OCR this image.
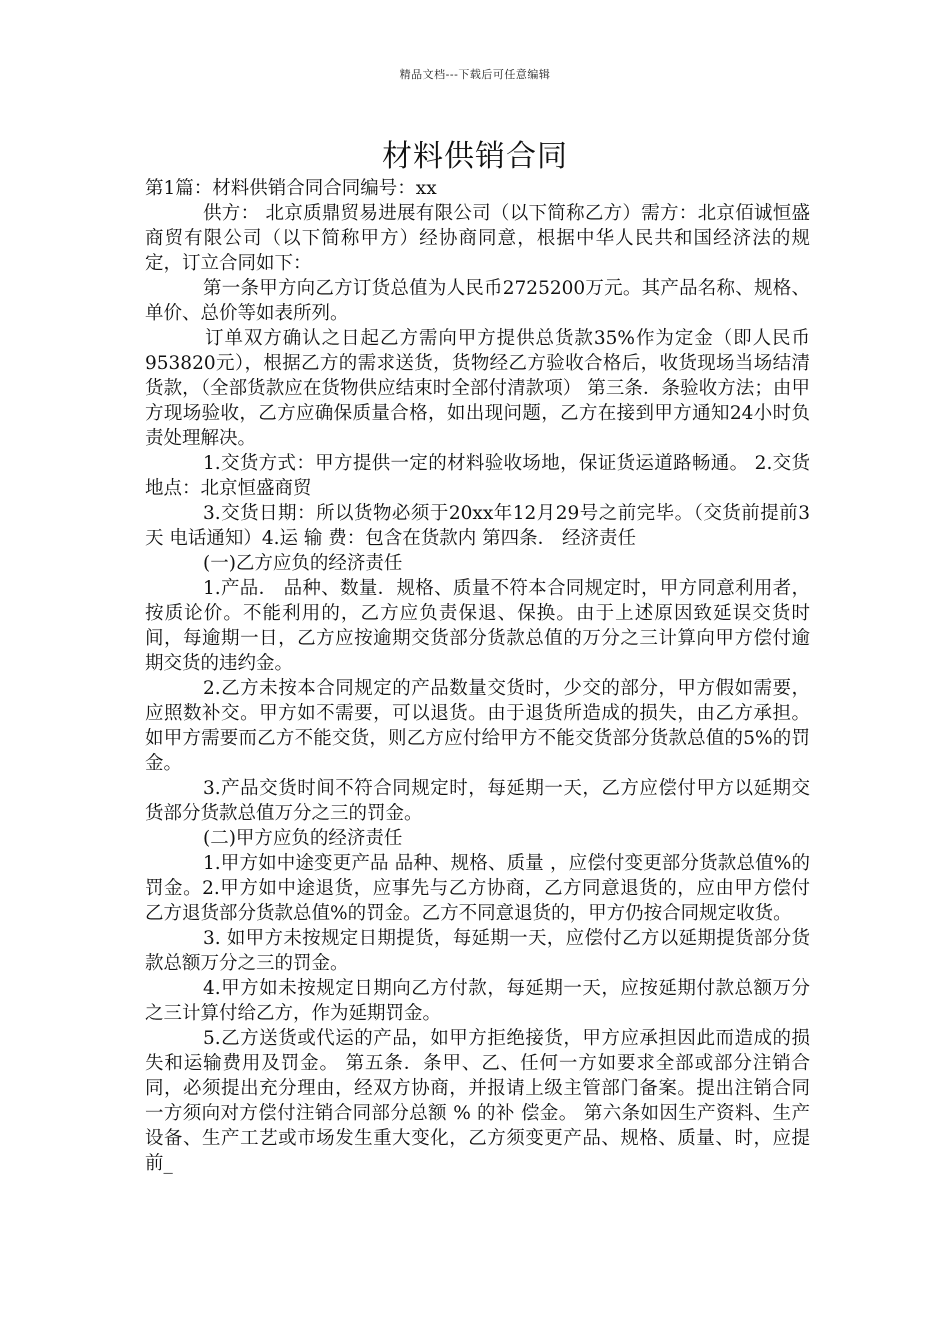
精品文档---下载后可任意编辑
材料供销合同

第1篇：材料供销合同合同编号：xx

供方： 北京质鼎贸易进展有限公司（以下简称乙方）需方：北京佰诚恒盛商贸有限公司（以下简称甲方）经协商同意，根据中华人民共和国经济法的规定，订立合同如下：

第一条甲方向乙方订货总值为人民币2725200万元。其产品名称、规格、单价、总价等如表所列。

订单双方确认之日起乙方需向甲方提供总货款35%作为定金（即人民币953820元），根据乙方的需求送货，货物经乙方验收合格后，收货现场当场结清货款，（全部货款应在货物供应结束时全部付清款项） 第三条．条验收方法；由甲方现场验收，乙方应确保质量合格，如出现问题，乙方在接到甲方通知24小时负责处理解决。

1.交货方式：甲方提供一定的材料验收场地，保证货运道路畅通。 2.交货地点：北京恒盛商贸

3.交货日期：所以货物必须于20xx年12月29号之前完毕。（交货前提前3天 电话通知）4.运 输 费：包含在货款内 第四条． 经济责任

(一)乙方应负的经济责任

1.产品． 品种、数量．规格、质量不符本合同规定时，甲方同意利用者，按质论价。不能利用的，乙方应负责保退、保换。由于上述原因致延误交货时间，每逾期一日，乙方应按逾期交货部分货款总值的万分之三计算向甲方偿付逾期交货的违约金。

2.乙方未按本合同规定的产品数量交货时，少交的部分，甲方假如需要，应照数补交。甲方如不需要，可以退货。由于退货所造成的损失，由乙方承担。如甲方需要而乙方不能交货，则乙方应付给甲方不能交货部分货款总值的5%的罚金。

3.产品交货时间不符合同规定时，每延期一天，乙方应偿付甲方以延期交货部分货款总值万分之三的罚金。

(二)甲方应负的经济责任

1.甲方如中途变更产品 品种、规格、质量 ，应偿付变更部分货款总值%的罚金。2.甲方如中途退货，应事先与乙方协商，乙方同意退货的，应由甲方偿付乙方退货部分货款总值%的罚金。乙方不同意退货的，甲方仍按合同规定收货。

3. 如甲方未按规定日期提货，每延期一天，应偿付乙方以延期提货部分货款总额万分之三的罚金。

4.甲方如未按规定日期向乙方付款，每延期一天，应按延期付款总额万分之三计算付给乙方，作为延期罚金。

5.乙方送货或代运的产品，如甲方拒绝接货，甲方应承担因此而造成的损失和运输费用及罚金。 第五条．条甲、乙、任何一方如要求全部或部分注销合同，必须提出充分理由，经双方协商，并报请上级主管部门备案。提出注销合同一方须向对方偿付注销合同部分总额 % 的补 偿金。 第六条如因生产资料、生产设备、生产工艺或市场发生重大变化，乙方须变更产品、规格、质量、时，应提前_
